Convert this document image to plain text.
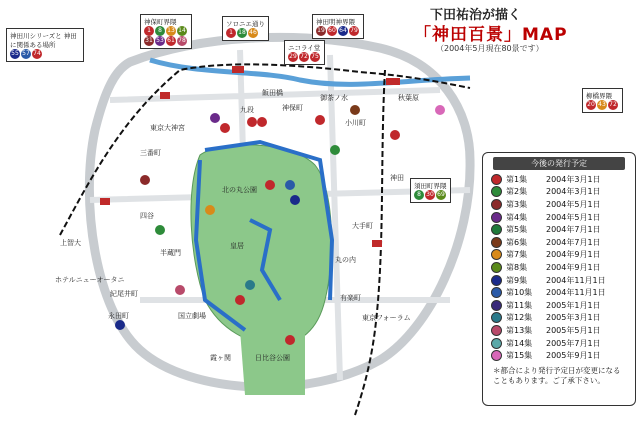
飯田橋
九段
北の丸公園
皇居
国立劇場
永田町
日比谷公園
大手町
有楽町
東京フォーラム
霞ヶ関
四谷
紀尾井町
丸の内
神保町
御茶ノ水	秋葉原
神田
小川町
上智大
ホテルニューオータニ
東京大神宮
半蔵門
三番町
神田川シリーズと 神田に関係ある場所
55 57 74
神保町界隈
1 8 13 14
31 53 61 78
ソロニエ通り
1 18 46
神田明神界隈
19 60 64 79
ニコライ堂
29 72 75
須田町界隈
8 30 69
柳橋界隈
20 43 72
下田祐治が描く
「神田百景」MAP
（2004年5月現在80景です）
今後の発行予定
第1集	2004年3月1日
第2集	2004年3月1日
第3集	2004年5月1日
第4集	2004年5月1日
第5集	2004年7月1日
第6集	2004年7月1日
第7集	2004年9月1日
第8集	2004年9月1日
第9集	2004年11月1日
第10集	2004年11月1日
第11集	2005年1月1日
第12集	2005年3月1日
第13集	2005年5月1日
第14集	2005年7月1日
第15集	2005年9月1日
＊都合により発行予定日が変更になることもあります。ご了承下さい。
